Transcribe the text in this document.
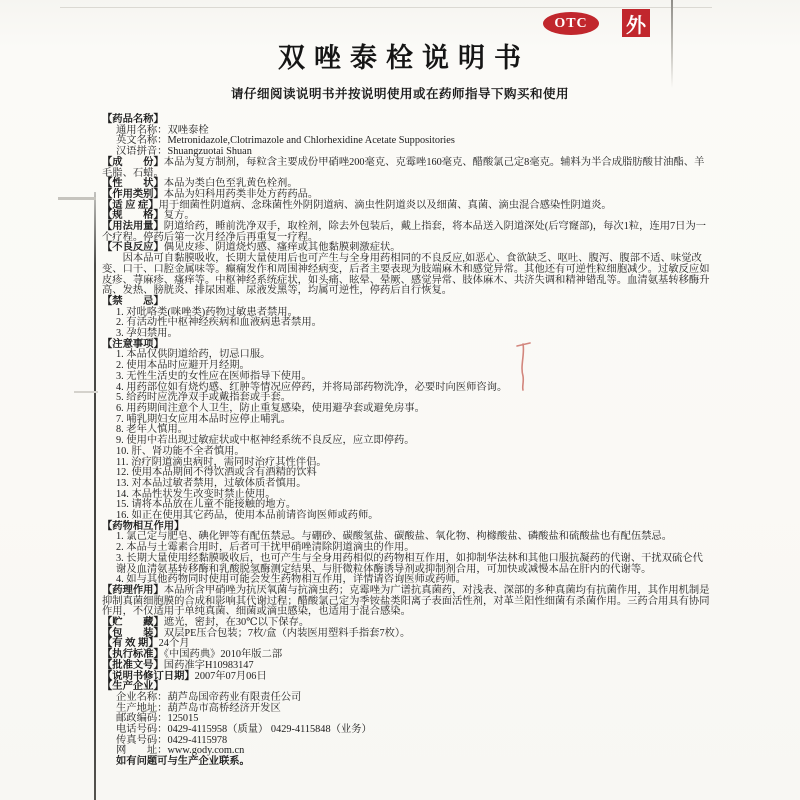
OTC	外
双唑泰栓说明书
请仔细阅读说明书并按说明使用或在药师指导下购买和使用
【药品名称】
通用名称：双唑泰栓
英文名称：Metronidazole,Clotrimazole and Chlorhexidine Acetate Suppositories
汉语拼音：Shuangzuotai Shuan
【成　　份】本品为复方制剂，每粒含主要成份甲硝唑200毫克、克霉唑160毫克、醋酸氯己定8毫克。辅料为半合成脂肪酸甘油酯、羊毛脂、石蜡。
【性　　状】本品为类白色至乳黄色栓剂。
【作用类别】本品为妇科用药类非处方药药品。
【适 应 症】用于细菌性阴道病、念珠菌性外阴阴道病、滴虫性阴道炎以及细菌、真菌、滴虫混合感染性阴道炎。
【规　　格】复方。
【用法用量】阴道给药，睡前洗净双手，取栓剂，除去外包装后，戴上指套，将本品送入阴道深处(后穹窿部)，每次1粒，连用7日为一个疗程。停药后第一次月经净后再重复一疗程。
【不良反应】偶见皮疹、阴道烧灼感、瘙痒或其他黏膜刺激症状。
因本品可自黏膜吸收，长期大量使用后也可产生与全身用药相同的不良反应,如恶心、食欲缺乏、呕吐、腹泻、腹部不适、味觉改变、口干、口腔金属味等。癫痫发作和周围神经病变，后者主要表现为肢端麻木和感觉异常。其他还有可逆性粒细胞减少。过敏反应如皮疹、荨麻疹、瘙痒等。中枢神经系统症状，如头痛、眩晕、晕厥、感觉异常、肢体麻木、共济失调和精神错乱等。血清氨基转移酶升高、发热、膀胱炎、排尿困难、尿液发黑等，均属可逆性，停药后自行恢复。
【禁　　忌】
1. 对吡咯类(咪唑类)药物过敏患者禁用。
2. 有活动性中枢神经疾病和血液病患者禁用。
3. 孕妇禁用。
【注意事项】
1. 本品仅供阴道给药，切忌口服。
2. 使用本品时应避开月经期。
3. 无性生活史的女性应在医师指导下使用。
4. 用药部位如有烧灼感、红肿等情况应停药，并将局部药物洗净，必要时向医师咨询。
5. 给药时应洗净双手或戴指套或手套。
6. 用药期间注意个人卫生，防止重复感染，使用避孕套或避免房事。
7. 哺乳期妇女应用本品时应停止哺乳。
8. 老年人慎用。
9. 使用中若出现过敏症状或中枢神经系统不良反应，应立即停药。
10. 肝、肾功能不全者慎用。
11. 治疗阴道滴虫病时，需同时治疗其性伴侣。
12. 使用本品期间不得饮酒或含有酒精的饮料
13. 对本品过敏者禁用，过敏体质者慎用。
14. 本品性状发生改变时禁止使用。
15. 请将本品放在儿童不能接触的地方。
16. 如正在使用其它药品，使用本品前请咨询医师或药师。
【药物相互作用】
1. 氯己定与肥皂、碘化钾等有配伍禁忌。与硼砂、碳酸氢盐、碳酸盐、氧化物、枸橼酸盐、磷酸盐和硫酸盐也有配伍禁忌。
2. 本品与土霉素合用时，后者可干扰甲硝唑清除阴道滴虫的作用。
3. 长期大量使用经黏膜吸收后，也可产生与全身用药相似的药物相互作用，如抑制华法林和其他口服抗凝药的代谢、干扰双硫仑代谢及血清氨基转移酶和乳酸脱氢酶测定结果、与肝微粒体酶诱导剂或抑制剂合用，可加快或减慢本品在肝内的代谢等。
4. 如与其他药物同时使用可能会发生药物相互作用，详情请咨询医师或药师。
【药理作用】本品所含甲硝唑为抗厌氧菌与抗滴虫药；克霉唑为广谱抗真菌药，对浅表、深部的多种真菌均有抗菌作用，其作用机制是抑制真菌细胞膜的合成和影响其代谢过程；醋酸氯己定为季铵盐类阳离子表面活性剂，对革兰阳性细菌有杀菌作用。三药合用具有协同作用，不仅适用于单纯真菌、细菌或滴虫感染，也适用于混合感染。
【贮　　藏】遮光，密封，在30℃以下保存。
【包　　装】双层PE压合包装；7枚/盒（内装医用塑料手指套7枚）。
【有 效 期】24个月
【执行标准】《中国药典》2010年版二部
【批准文号】国药准字H10983147
【说明书修订日期】2007年07月06日
【生产企业】
企业名称：葫芦岛国帝药业有限责任公司
生产地址：葫芦岛市高桥经济开发区
邮政编码：125015
电话号码：0429-4115958（质量） 0429-4115848（业务）
传真号码：0429-4115978
网　　址：www.gody.com.cn
如有问题可与生产企业联系。
